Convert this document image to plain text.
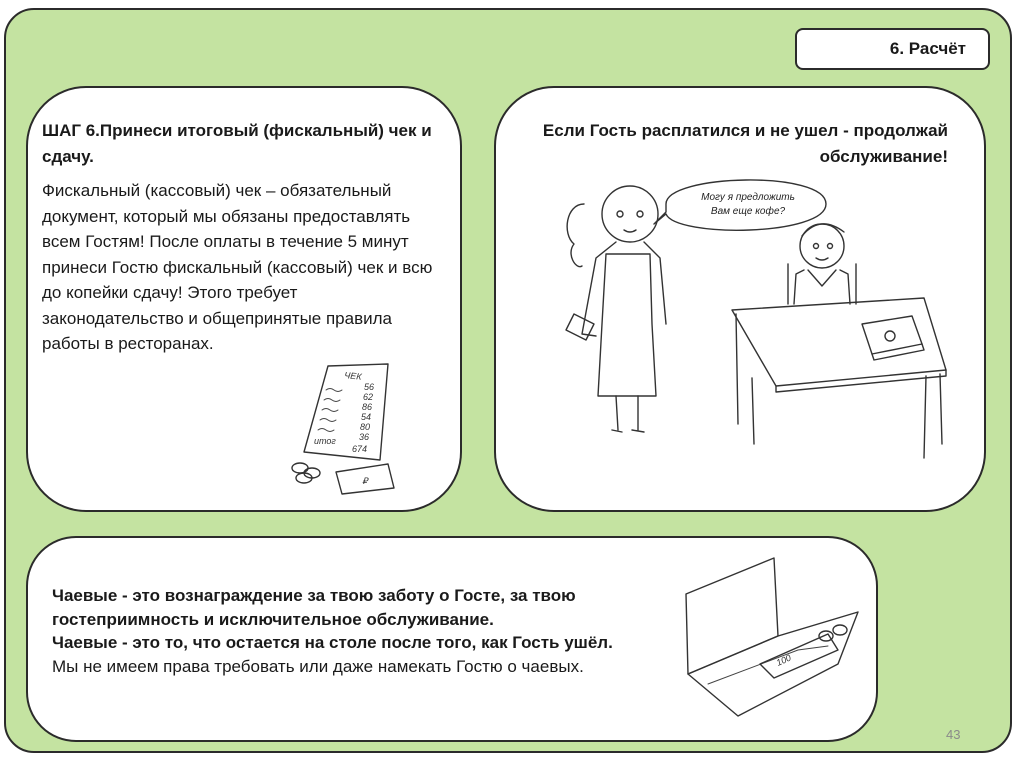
6. Расчёт
ШАГ 6.Принеси итоговый (фискальный) чек и сдачу.
Фискальный (кассовый) чек – обязательный документ, который мы обязаны предоставлять всем Гостям! После оплаты в течение 5 минут принеси Гостю фискальный (кассовый) чек и всю до копейки сдачу! Этого требует законодательство и общепринятые правила работы в ресторанах.
ЧЕК
56
62
86
54
80
36
итог
674
₽
Если Гость расплатился и не ушел - продолжай обслуживание!
Могу я предложить
Вам еще кофе?
Чаевые - это вознаграждение за твою заботу о Госте, за твою гостеприимность и исключительное обслуживание.
Чаевые - это то, что остается на столе после того, как Гость ушёл.
Мы не имеем права требовать или даже намекать Гостю о чаевых.	100
43
